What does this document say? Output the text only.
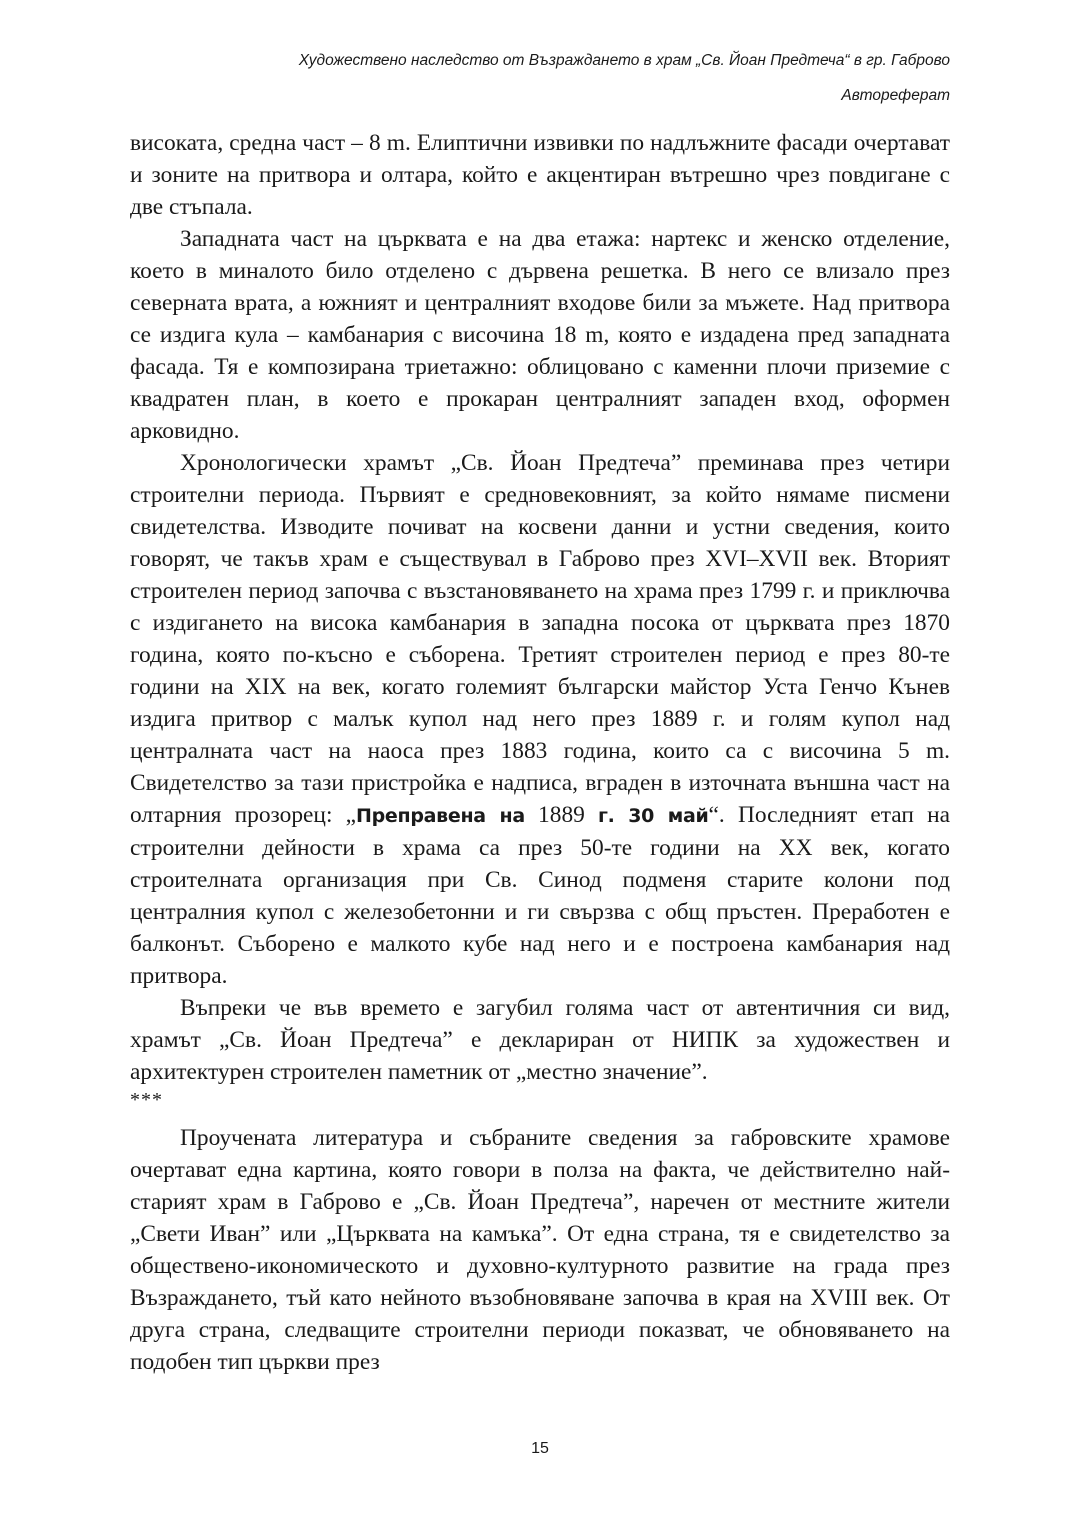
Художествено наследство от Възраждането в храм „Св. Йоан Предтеча“ в гр. Габрово
Автореферат

високата, средна част – 8 m. Елиптични извивки по надлъжните фасади очертават и зоните на притвора и олтара, който е акцентиран вътрешно чрез повдигане с две стъпала.

Западната част на църквата е на два етажа: нартекс и женско отделение, което в миналото било отделено с дървена решетка. В него се влизало през северната врата, а южният и централният входове били за мъжете. Над притвора се издига кула – камбанария с височина 18 m, която е издадена пред западната фасада. Тя е композирана триетажно: облицовано с каменни плочи приземие с квадратен план, в което е прокаран централният западен вход, оформен арковидно.

Хронологически храмът „Св. Йоан Предтеча” преминава през четири строителни периода. Първият е средновековният, за който нямаме писмени свидетелства. Изводите почиват на косвени данни и устни сведения, които говорят, че такъв храм е съществувал в Габрово през XVI–XVII век. Вторият строителен период започва с възстановяването на храма през 1799 г. и приключва с издигането на висока камбанария в западна посока от църквата през 1870 година, която по-късно е съборена. Третият строителен период е през 80-те години на XIX на век, когато големият български майстор Уста Генчо Кънев издига притвор с малък купол над него през 1889 г. и голям купол над централната част на наоса през 1883 година, които са с височина 5 m. Свидетелство за тази пристройка е надписа, вграден в източната външна част на олтарния прозорец: „Преправена на 1889 г. 30 май“. Последният етап на строителни дейности в храма са през 50-те години на XX век, когато строителната организация при Св. Синод подменя старите колони под централния купол с железобетонни и ги свързва с общ пръстен. Преработен е балконът. Съборено е малкото кубе над него и е построена камбанария над притвора.

Въпреки че във времето е загубил голяма част от автентичния си вид, храмът „Св. Йоан Предтеча” е деклариран от НИПК за художествен и архитектурен строителен паметник от „местно значение”.

***

Проучената литература и събраните сведения за габровските храмове очертават една картина, която говори в полза на факта, че действително най-старият храм в Габрово е „Св. Йоан Предтеча”, наречен от местните жители „Свети Иван” или „Църквата на камъка”. От една страна, тя е свидетелство за обществено-икономическото и духовно-културното развитие на града през Възраждането, тъй като нейното възобновяване започва в края на XVIII век. От друга страна, следващите строителни периоди показват, че обновяването на подобен тип църкви през

15
